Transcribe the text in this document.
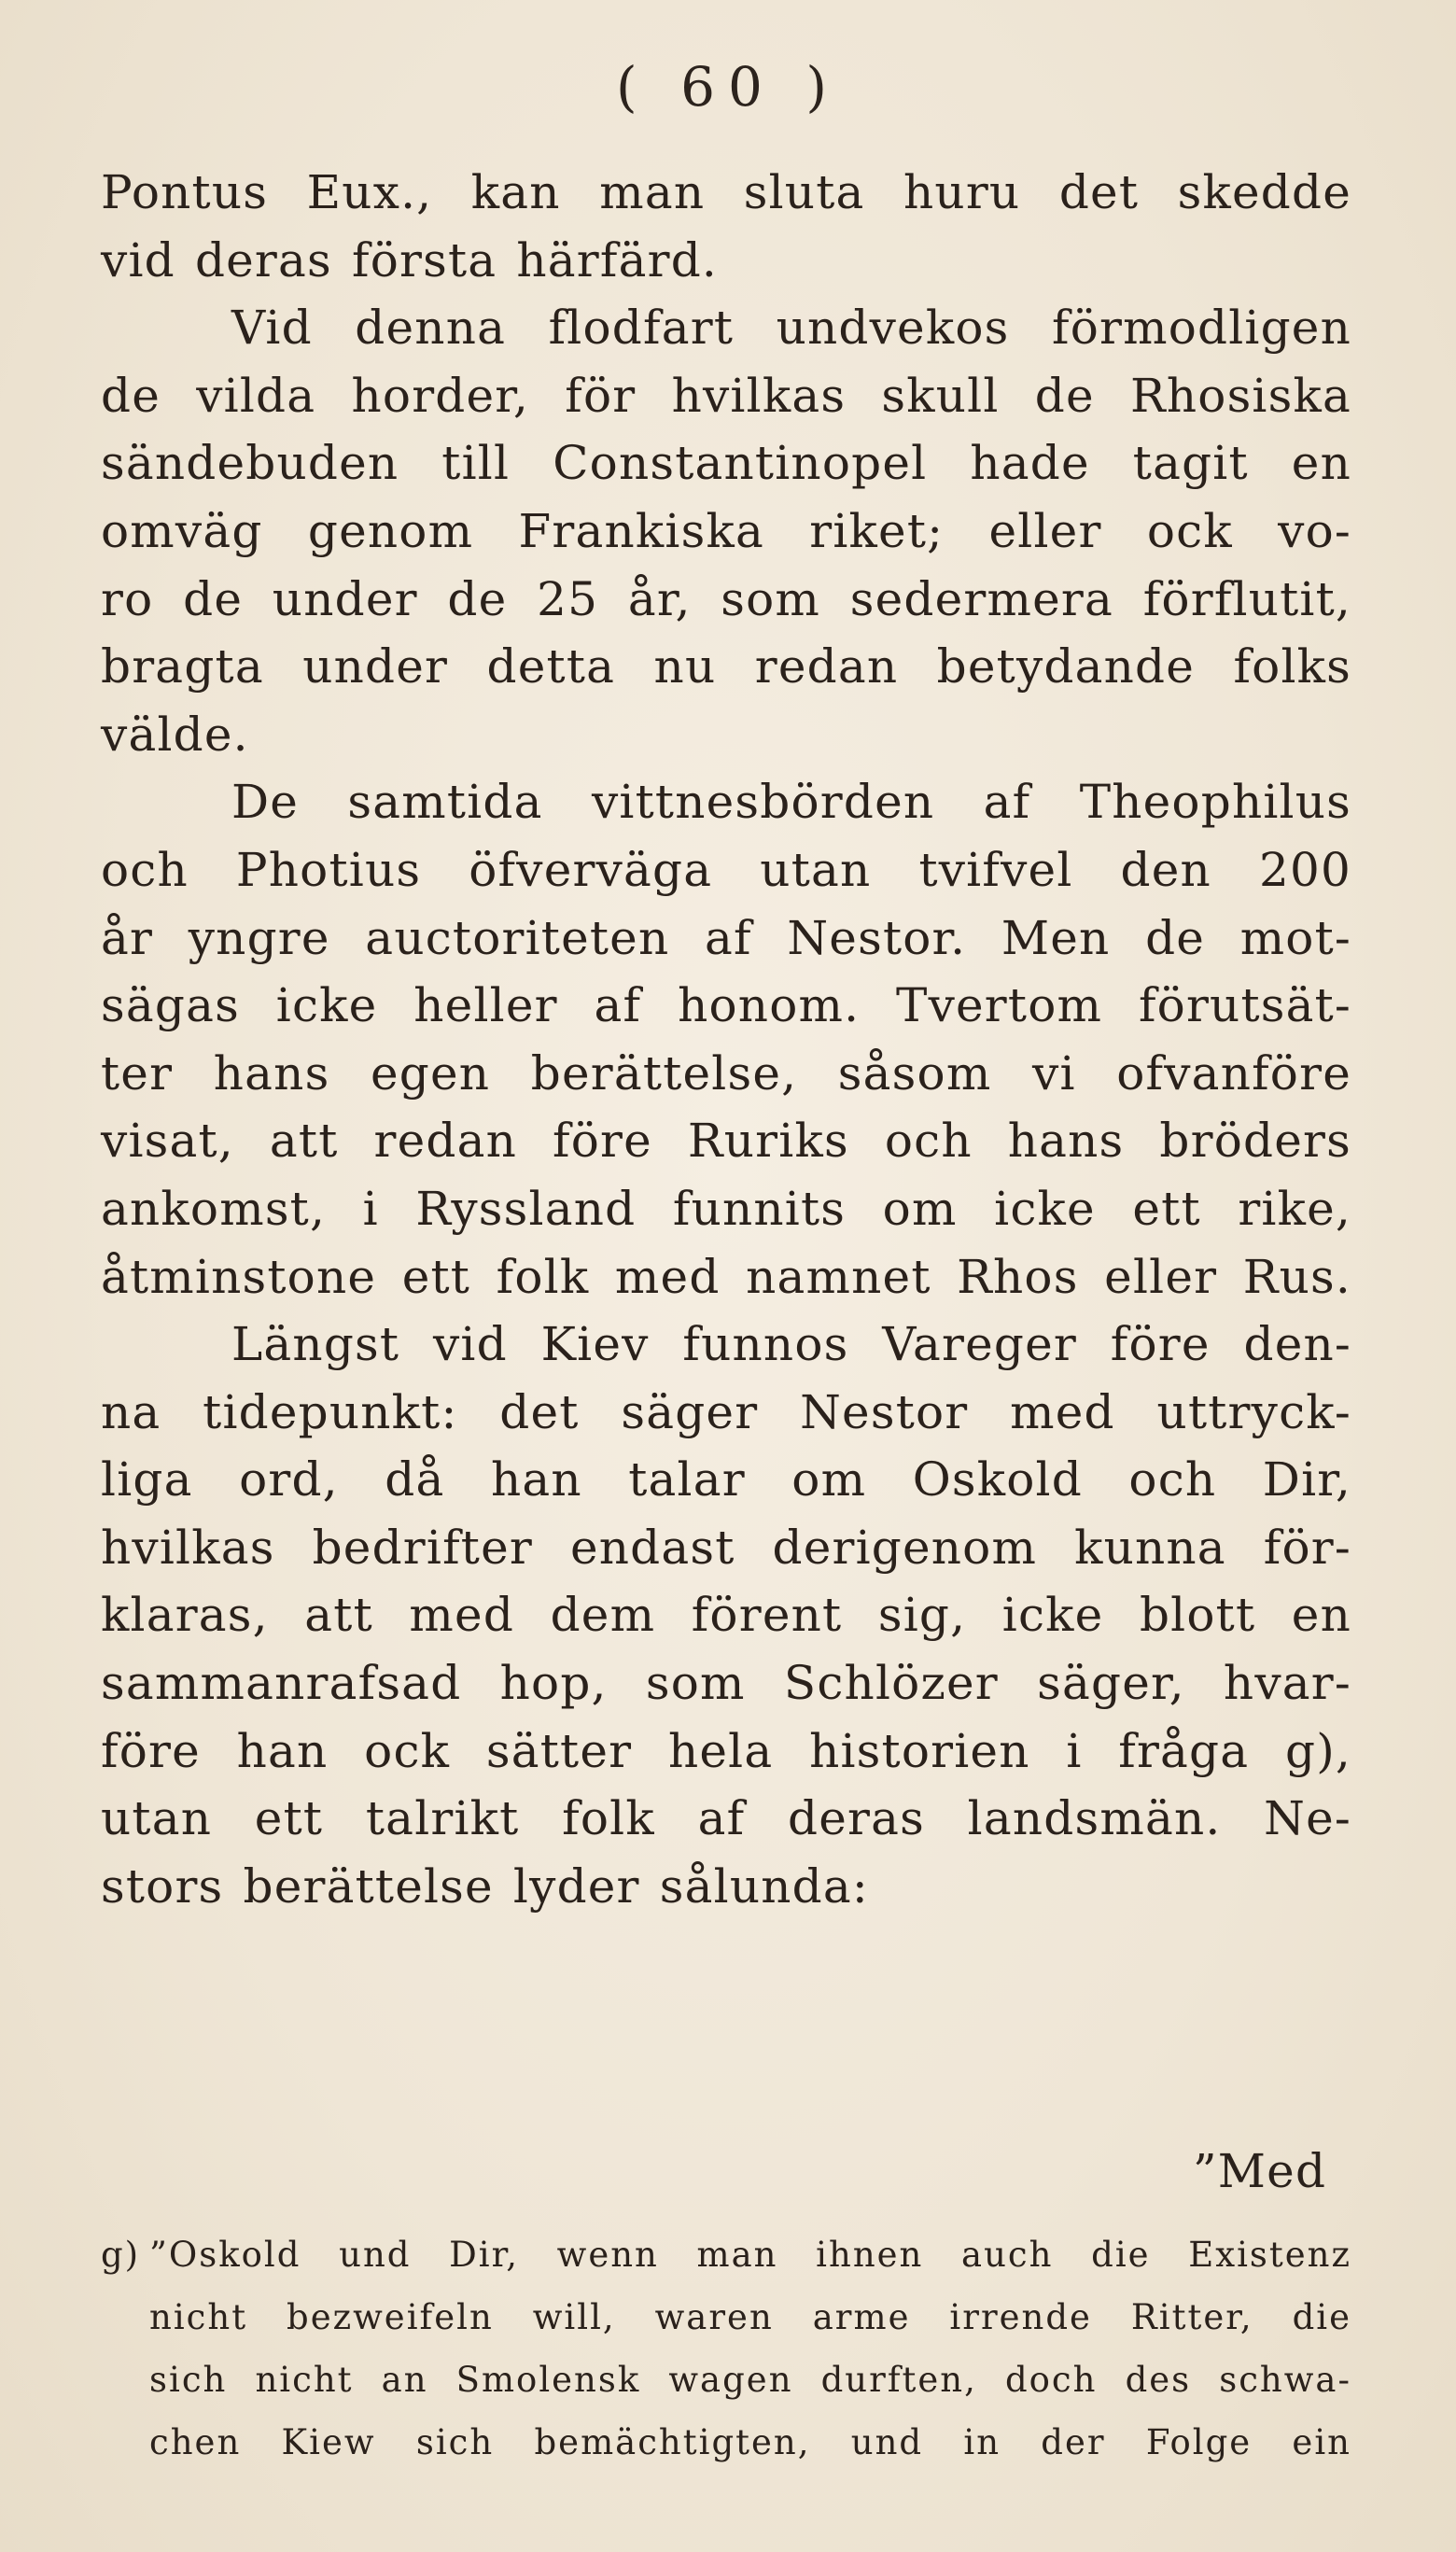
( 60 )
Pontus Eux., kan man sluta huru det skedde
vid deras första härfärd.
Vid denna flodfart undvekos förmodligen
de vilda horder, för hvilkas skull de Rhosiska
sändebuden till Constantinopel hade tagit en
omväg genom Frankiska riket; eller ock vo-
ro de under de 25 år, som sedermera förflutit,
bragta under detta nu redan betydande folks
välde.
De samtida vittnesbörden af Theophilus
och Photius öfverväga utan tvifvel den 200
år yngre auctoriteten af Nestor. Men de mot-
sägas icke heller af honom. Tvertom förutsät-
ter hans egen berättelse, såsom vi ofvanföre
visat, att redan före Ruriks och hans bröders
ankomst, i Ryssland funnits om icke ett rike,
åtminstone ett folk med namnet Rhos eller Rus.
Längst vid Kiev funnos Vareger före den-
na tidepunkt: det säger Nestor med uttryck-
liga ord, då han talar om Oskold och Dir,
hvilkas bedrifter endast derigenom kunna för-
klaras, att med dem förent sig, icke blott en
sammanrafsad hop, som Schlözer säger, hvar-
före han ock sätter hela historien i fråga g),
utan ett talrikt folk af deras landsmän. Ne-
stors berättelse lyder sålunda:
”Med
g) ”Oskold und Dir, wenn man ihnen auch die Existenz
nicht bezweifeln will, waren arme irrende Ritter, die
sich nicht an Smolensk wagen durften, doch des schwa-
chen Kiew sich bemächtigten, und in der Folge ein
